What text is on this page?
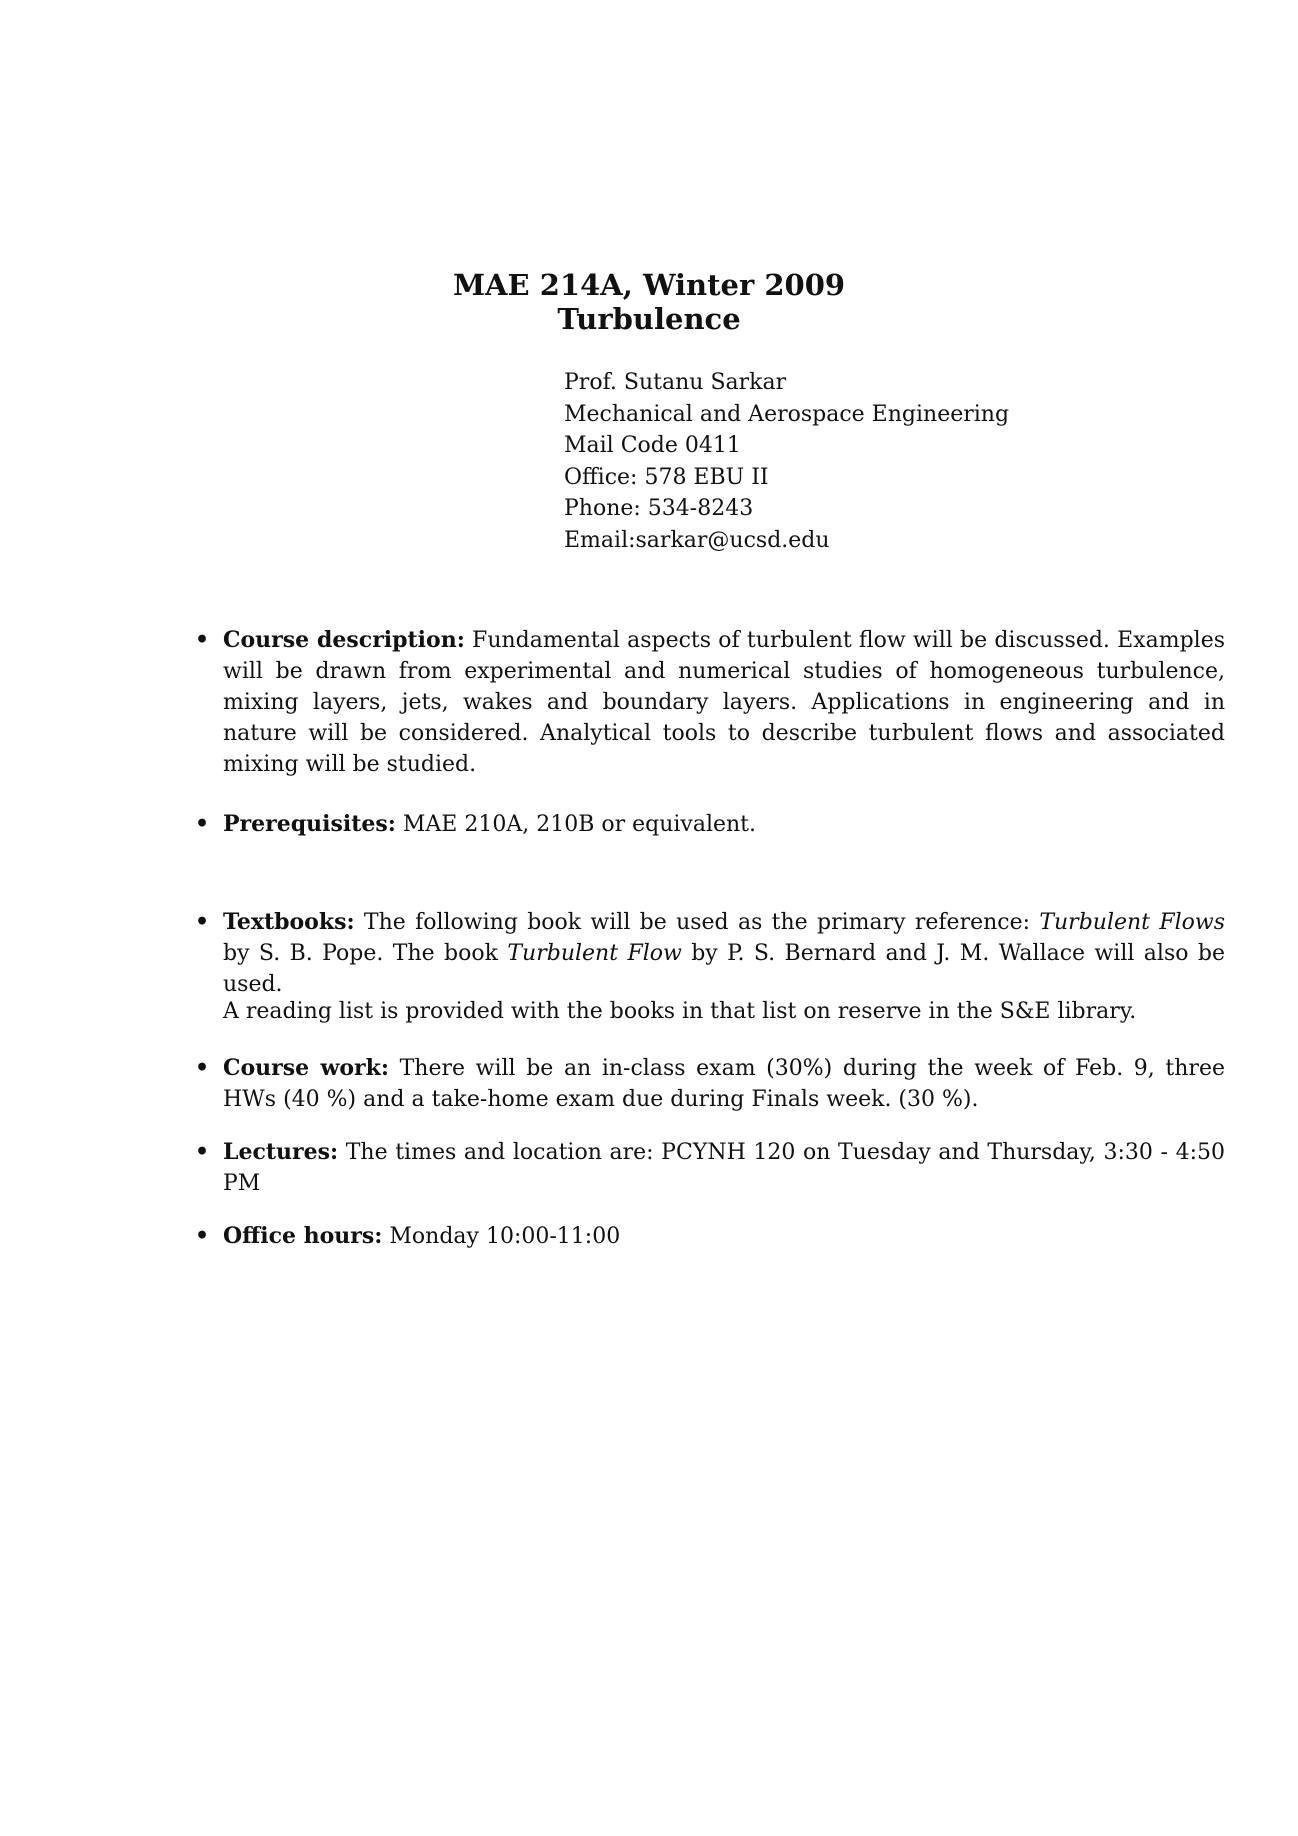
MAE 214A, Winter 2009
Turbulence
Prof. Sutanu Sarkar
Mechanical and Aerospace Engineering
Mail Code 0411
Office: 578 EBU II
Phone: 534-8243
Email:sarkar@ucsd.edu
• Course description: Fundamental aspects of turbulent flow will be discussed. Examples will be drawn from experimental and numerical studies of homogeneous turbulence, mixing layers, jets, wakes and boundary layers. Applications in engineering and in nature will be considered. Analytical tools to describe turbulent flows and associated mixing will be studied.
• Prerequisites: MAE 210A, 210B or equivalent.
• Textbooks: The following book will be used as the primary reference: Turbulent Flows by S. B. Pope. The book Turbulent Flow by P. S. Bernard and J. M. Wallace will also be used.
• Course work: There will be an in-class exam (30%) during the week of Feb. 9, three HWs (40 %) and a take-home exam due during Finals week. (30 %).
• Lectures: The times and location are: PCYNH 120 on Tuesday and Thursday, 3:30 - 4:50 PM
• Office hours: Monday 10:00-11:00
A reading list is provided with the books in that list on reserve in the S&E library.
